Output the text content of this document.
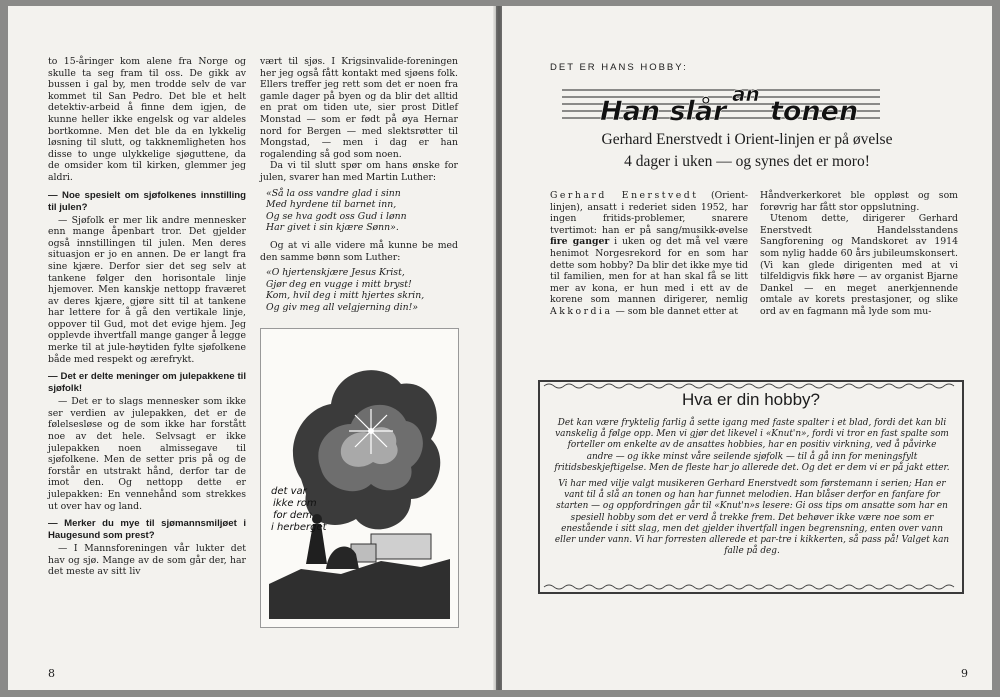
to 15-åringer kom alene fra Norge og skulle ta seg fram til oss. De gikk av bussen i gal by, men trodde selv de var kommet til San Pedro. Det ble et helt detektiv-arbeid å finne dem igjen, de kunne heller ikke engelsk og var aldeles bortkomne. Men det ble da en lykkelig løsning til slutt, og takknemligheten hos disse to unge ulykkelige sjøguttene, da de omsider kom til kirken, glemmer jeg aldri.

— Noe spesielt om sjøfolkenes innstilling til julen?

— Sjøfolk er mer lik andre mennesker enn mange åpenbart tror. Det gjelder også innstillingen til julen. Men deres situasjon er jo en annen. De er langt fra sine kjære. Derfor sier det seg selv at tankene følger den horisontale linje hjemover. Men kanskje nettopp fraværet av deres kjære, gjøre sitt til at tankene har lettere for å gå den vertikale linje, oppover til Gud, mot det evige hjem. Jeg opplevde ihvertfall mange ganger å legge merke til at jule-høytiden fylte sjøfolkene både med respekt og ærefrykt.

— Det er delte meninger om julepakkene til sjøfolk!

— Det er to slags mennesker som ikke ser verdien av julepakken, det er de følelsesløse og de som ikke har forstått noe av det hele. Selvsagt er ikke julepakken noen almissegave til sjøfolkene. Men de setter pris på og de forstår en utstrakt hånd, derfor tar de imot den. Og nettopp dette er julepakken: En vennehånd som strekkes ut over hav og land.

— Merker du mye til sjømannsmiljøet i Haugesund som prest?

— I Mannsforeningen vår lukter det hav og sjø. Mange av de som går der, har det meste av sitt liv

vært til sjøs. I Krigsinvalide-foreningen her jeg også fått kontakt med sjøens folk. Ellers treffer jeg rett som det er noen fra gamle dager på byen og da blir det alltid en prat om tiden ute, sier prost Ditlef Monstad — som er født på øya Hernar nord for Bergen — med slektsrøtter til Mongstad, — men i dag er han rogalending så god som noen.

Da vi til slutt spør om hans ønske for julen, svarer han med Martin Luther:

«Så la oss vandre glad i sinn
Med hyrdene til barnet inn,
Og se hva godt oss Gud i lønn
Har givet i sin kjære Sønn».

Og at vi alle videre må kunne be med den samme bønn som Luther:

«O hjertenskjære Jesus Krist,
Gjør deg en vugge i mitt bryst!
Kom, hvil deg i mitt hjertes skrin,
Og giv meg all velgjerning din!»
det var
ikke rom
for dem
i herberget
8
DET ER HANS HOBBY:
Han slår
an
tonen
Gerhard Enerstvedt i Orient-linjen er på øvelse
4 dager i uken — og synes det er moro!

Gerhard Enerstvedt (Orient-linjen), ansatt i rederiet siden 1952, har ingen fritids-problemer, snarere tvertimot: han er på sang/musikk-øvelse fire ganger i uken og det må vel være henimot Norgesrekord for en som har dette som hobby? Da blir det ikke mye tid til familien, men for at han skal få se litt mer av kona, er hun med i ett av de korene som mannen dirigerer, nemlig Akkordia — som ble dannet etter at

Håndverkerkoret ble oppløst og som forøvrig har fått stor oppslutning.

Utenom dette, dirigerer Gerhard Enerstvedt Handelsstandens Sangforening og Mandskoret av 1914 som nylig hadde 60 års jubileumskonsert. (Vi kan glede dirigenten med at vi tilfeldigvis fikk høre — av organist Bjarne Dankel — en meget anerkjennende omtale av korets prestasjoner, og slike ord av en fagmann må lyde som mu-

Hva er din hobby?

Det kan være fryktelig farlig å sette igang med faste spalter i et blad, fordi det kan bli vanskelig å følge opp. Men vi gjør det likevel i «Knut'n», fordi vi tror en fast spalte som forteller om enkelte av de ansattes hobbies, har en positiv virkning, ved å påvirke andre — og ikke minst våre seilende sjøfolk — til å gå inn for meningsfylt fritidsbeskjeftigelse. Men de fleste har jo allerede det. Og det er dem vi er på jakt etter.

Vi har med vilje valgt musikeren Gerhard Enerstvedt som førstemann i serien; Han er vant til å slå an tonen og han har funnet melodien. Han blåser derfor en fanfare for starten — og oppfordringen går til «Knut'n»s lesere: Gi oss tips om ansatte som har en spesiell hobby som det er verd å trekke frem. Det behøver ikke være noe som er enestående i sitt slag, men det gjelder ihvertfall ingen begrensning, enten over vann eller under vann. Vi har forresten allerede et par-tre i kikkerten, så pass på! Valget kan falle på deg.

9
